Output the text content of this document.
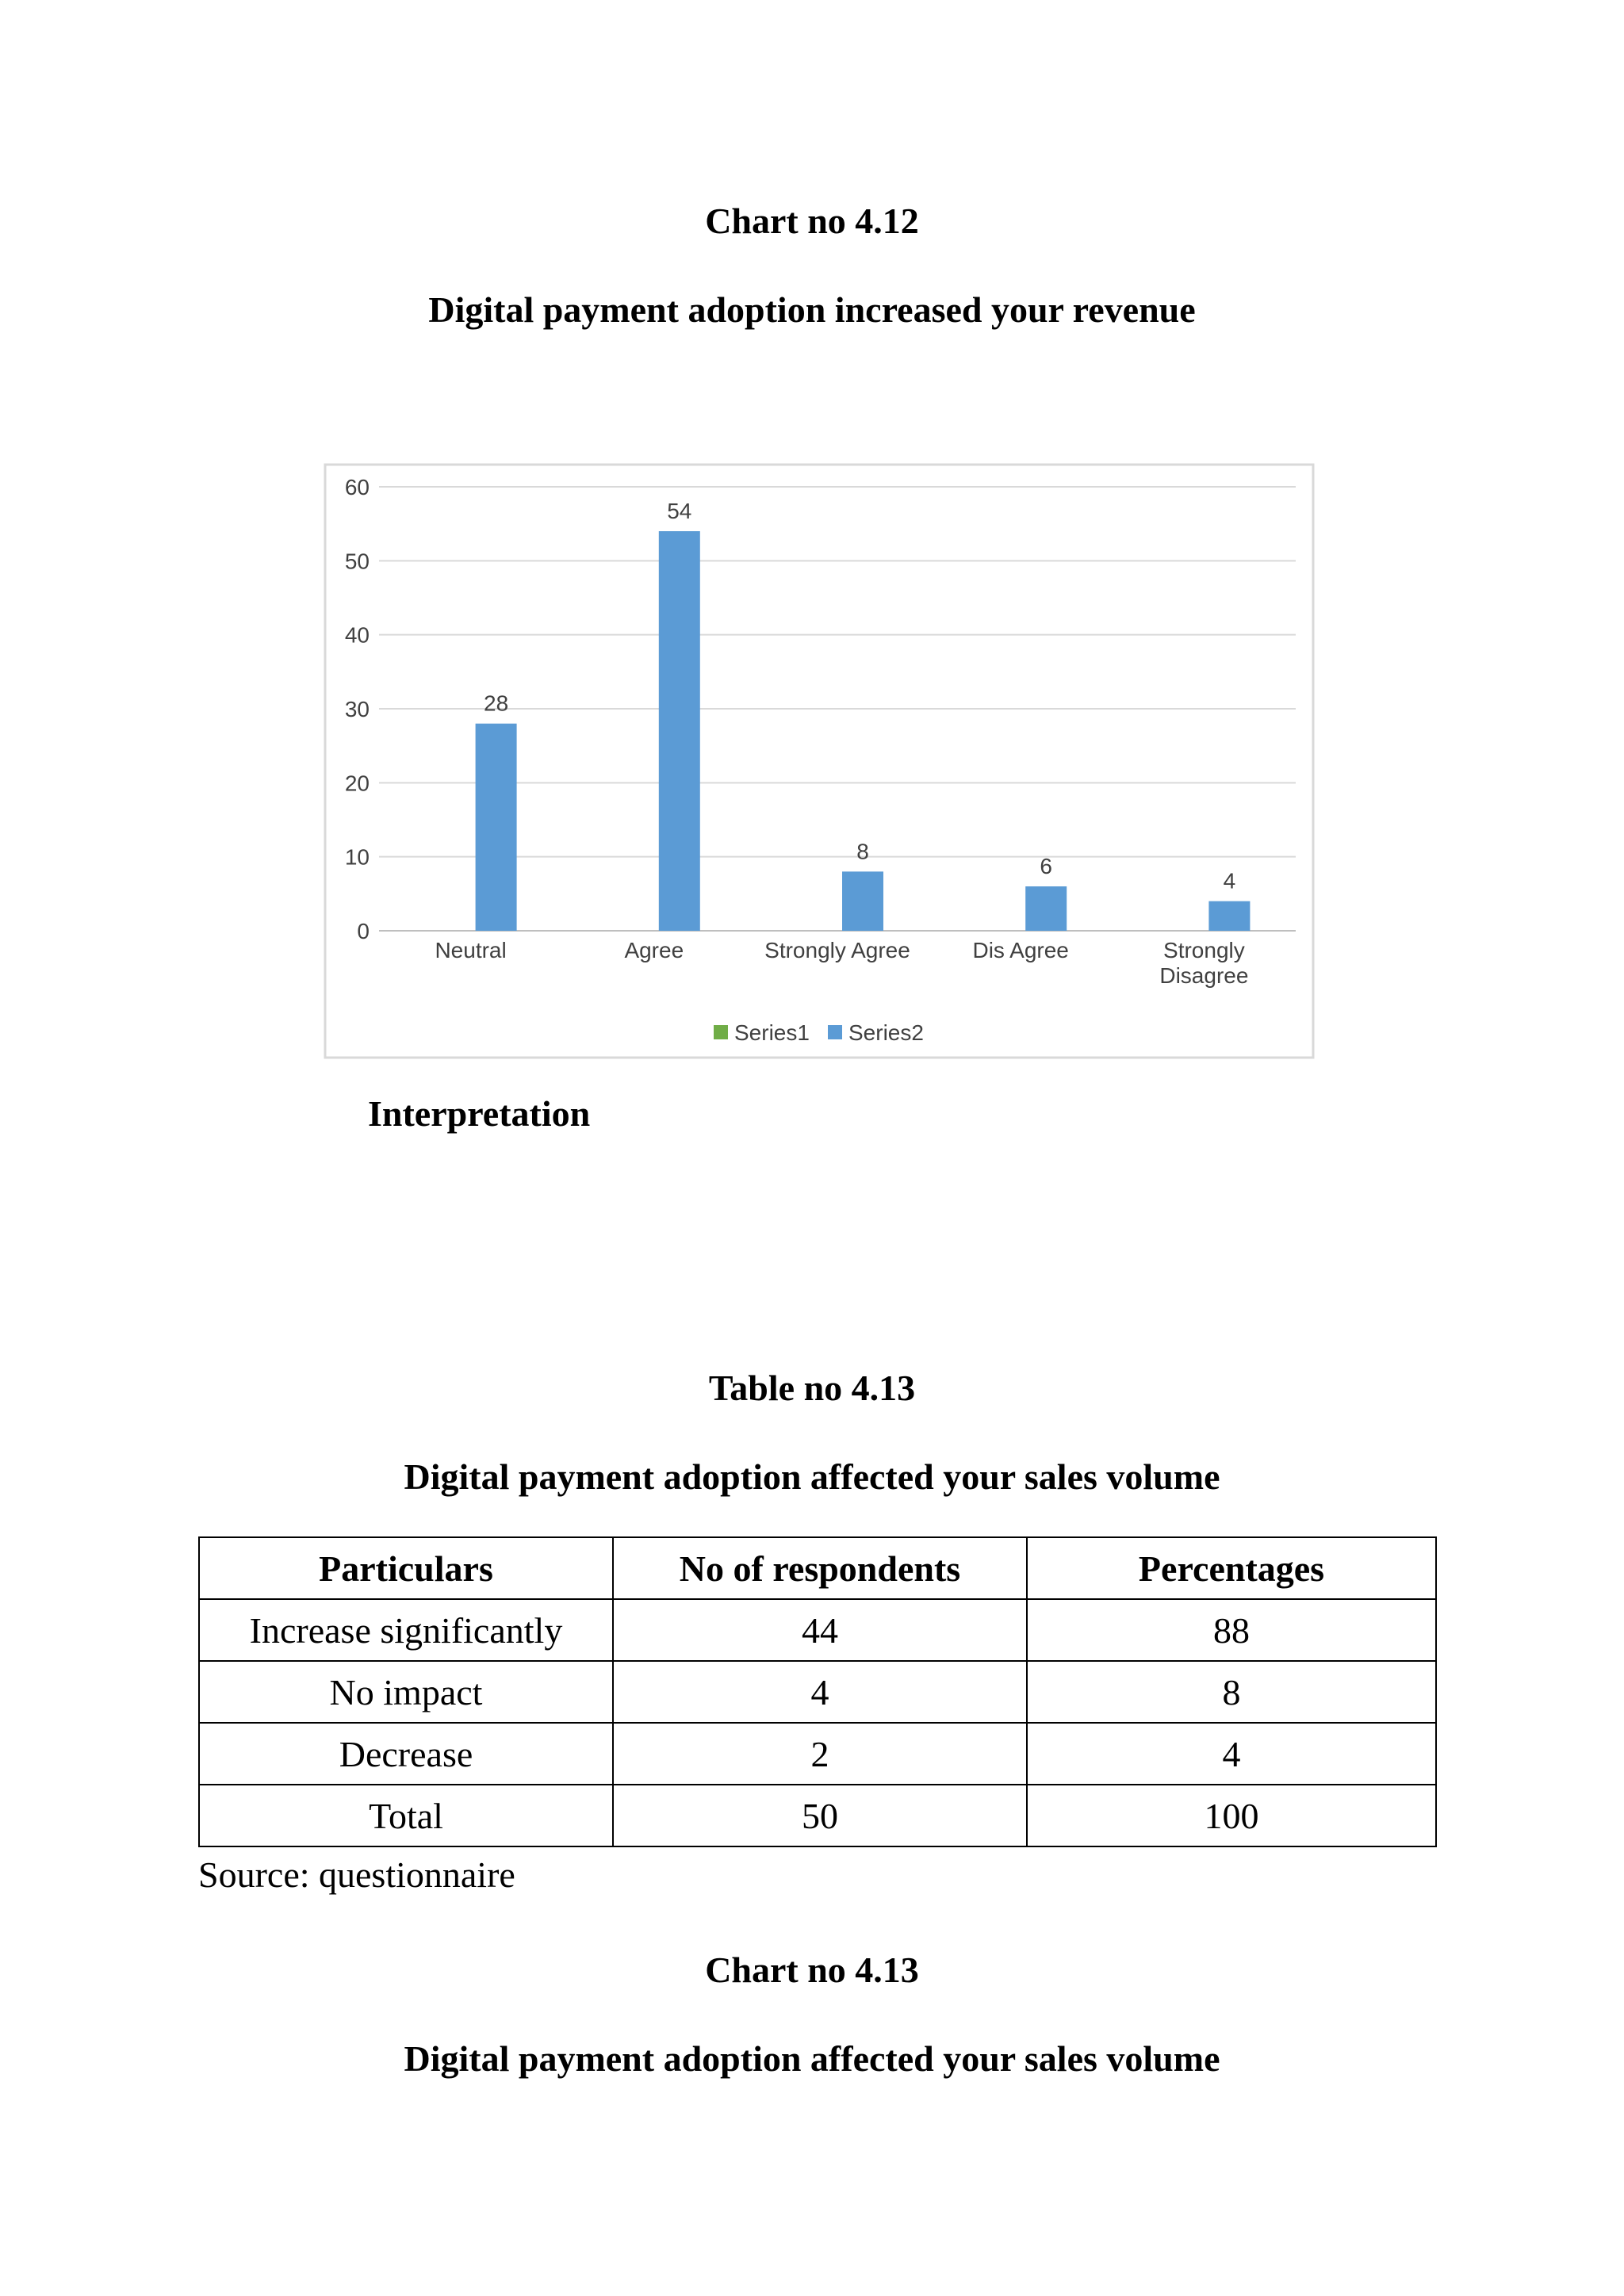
Chart no 4.12
Digital payment adoption increased your revenue
0
10
20
30
40
50
60
28
54
8
6
4
Neutral	Agree	Strongly Agree	Dis Agree	Strongly Disagree
Series1 Series2
Interpretation
Table no 4.13
Digital payment adoption affected your sales volume
Particulars	No of respondents	Percentages
Increase significantly	44	88
No impact	4	8
Decrease	2	4
Total	50	100
Source: questionnaire
Chart no 4.13
Digital payment adoption affected your sales volume
